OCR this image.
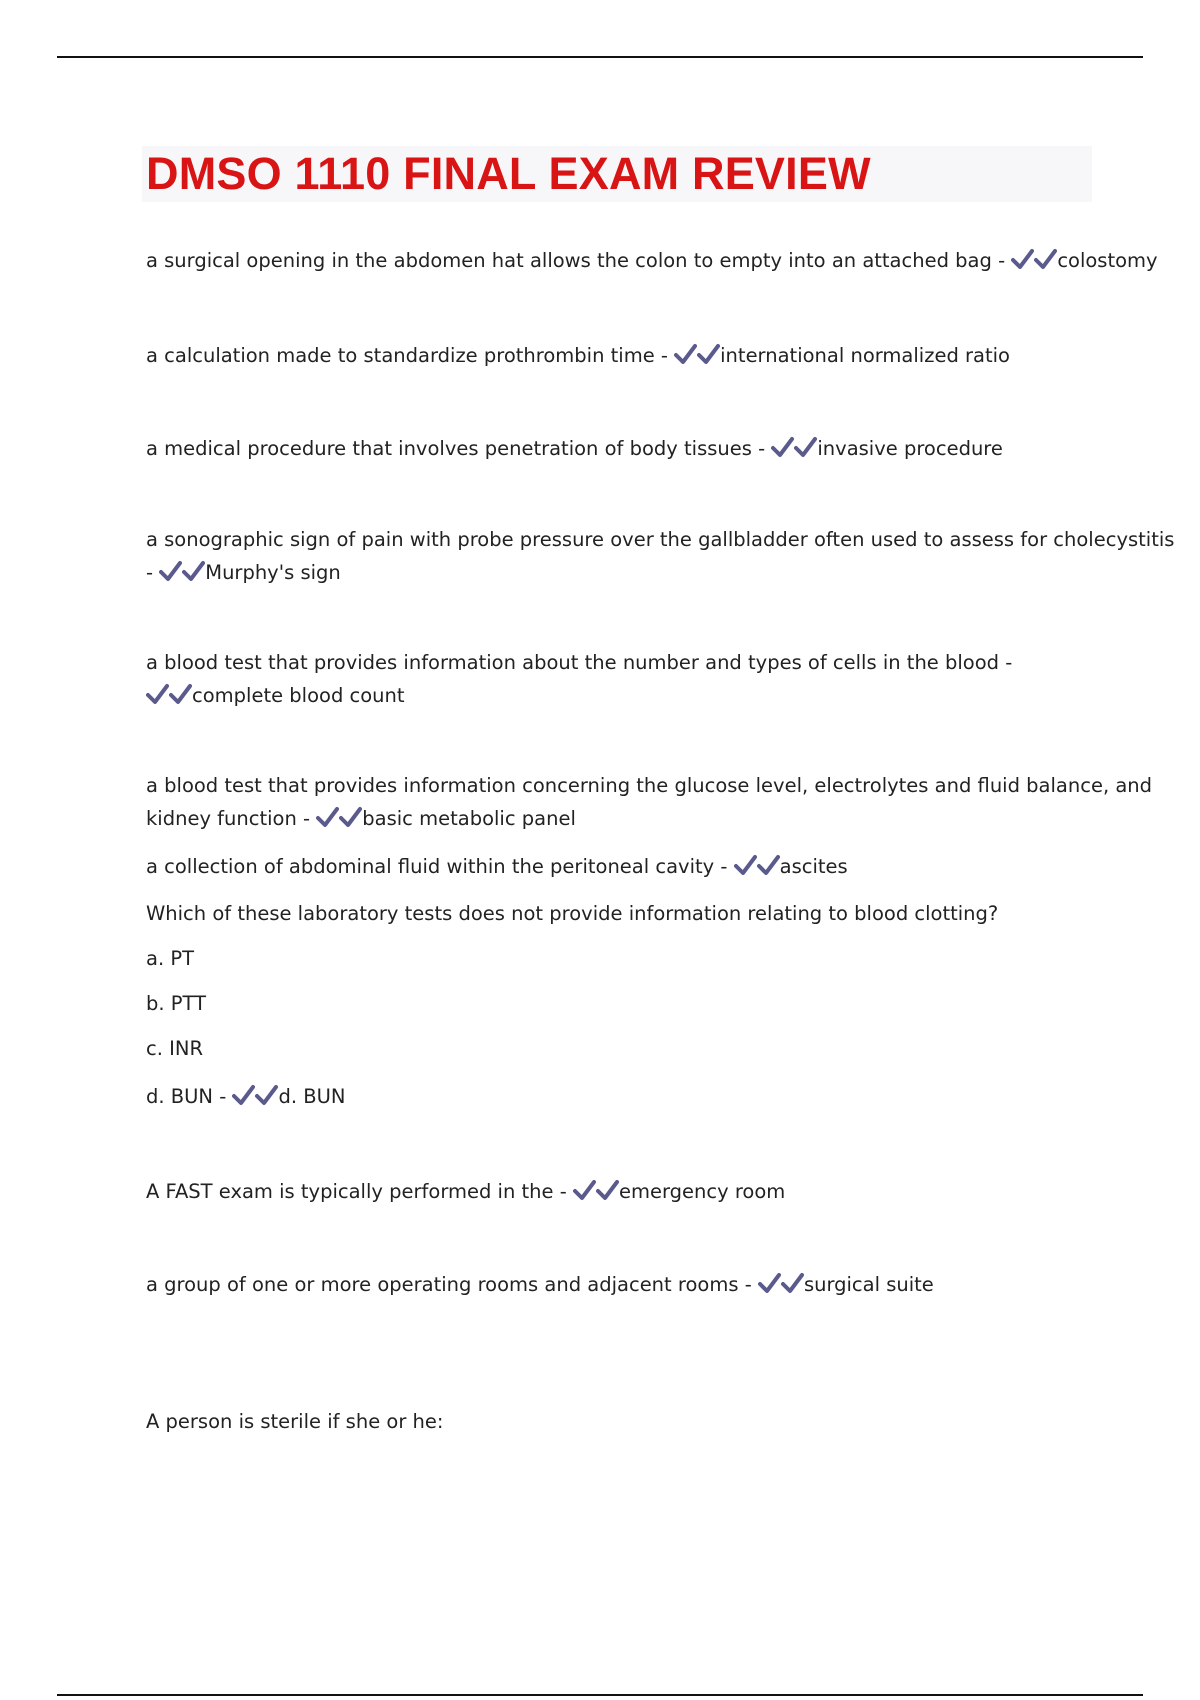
DMSO 1110 FINAL EXAM REVIEW
a surgical opening in the abdomen hat allows the colon to empty into an attached bag -	colostomy
a calculation made to standardize prothrombin time -	international normalized ratio
a medical procedure that involves penetration of body tissues -	invasive procedure
a sonographic sign of pain with probe pressure over the gallbladder often used to assess for cholecystitis
-	Murphy's sign
a blood test that provides information about the number and types of cells in the blood -
complete blood count
a blood test that provides information concerning the glucose level, electrolytes and fluid balance, and
kidney function -	basic metabolic panel
a collection of abdominal fluid within the peritoneal cavity -	ascites
Which of these laboratory tests does not provide information relating to blood clotting?
a. PT
b. PTT
c. INR
d. BUN -	d. BUN
A FAST exam is typically performed in the -	emergency room
a group of one or more operating rooms and adjacent rooms -	surgical suite
A person is sterile if she or he:
